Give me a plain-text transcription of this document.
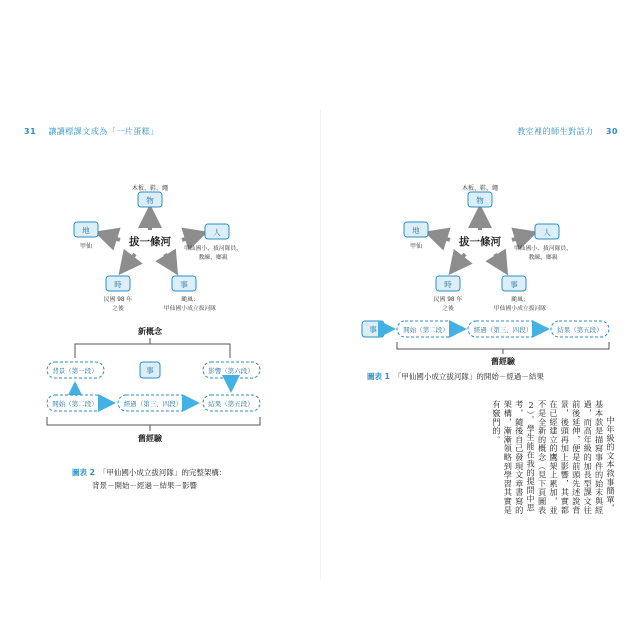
31 讓讀標課文成為「一片蛋糕」
拔一條河
木板、鞋、繩
物
地
甲仙
人
甲仙國小、拔河隊員、
教練、鄉親
時
民國 98 年
之後
事
颱風；
甲仙國小成立拔河隊
新概念
背景（第一段）	事	影響（第六段）
開始（第二段）	經過（第三、四段）	結果（第五段）
舊經驗
圖表 2 「甲仙國小成立拔河隊」的完整架構：
背景－開始－經過－結果－影響
教室裡的師生對話力 30
拔一條河
木板、鞋、繩
物
地
甲仙
人
甲仙國小、拔河隊員、
教練、鄉親
時
民國 98 年
之後
事
颱風；
甲仙國小成立拔河隊
事	開始（第二段）	經過（第三、四段）	結果（第五段）
舊經驗
圖表 1 「甲仙國小成立拔河隊」的開始－經過－結果

中年級的文本敘事簡單，基本款是描寫事件的始末與經過，而高年級的加長型課文往前後延伸，便是前頭先述說背景，後頭再加上影響，其實都在已經建立的鷹架上累加，並不是全新的概念（見下頁圖表2）。學生能在我的提問中思考，隨後自己發現文章書寫的架構，漸漸領略到學習其實是有竅門的。
